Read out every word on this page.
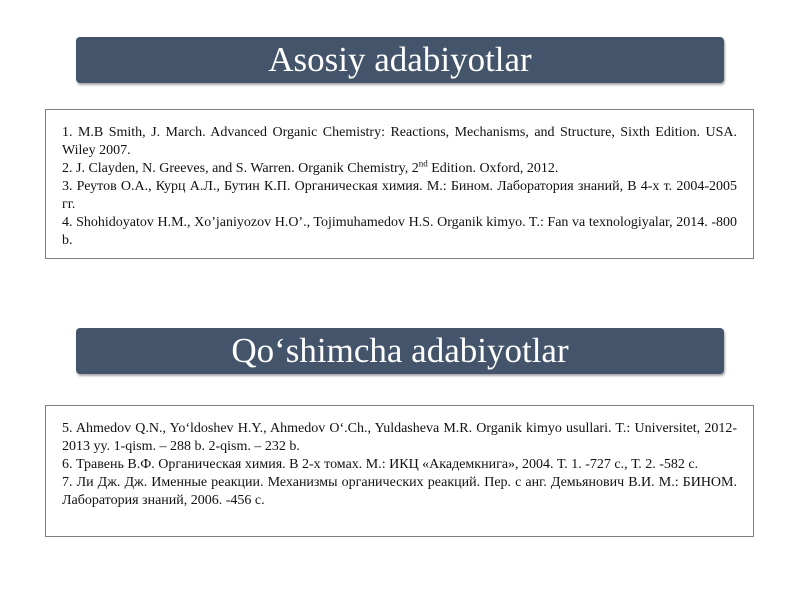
Asosiy adabiyotlar

1. M.B Smith, J. March. Advanced Organic Chemistry: Reactions, Mechanisms, and Structure, Sixth Edition. USA. Wiley 2007.

2. J. Clayden, N. Greeves, and S. Warren. Organik Chemistry, 2nd Edition. Oxford, 2012.

3. Реутов О.А., Курц А.Л., Бутин К.П. Органическая химия. М.: Бином. Лаборатория знаний, В 4-х т. 2004-2005 гг.

4. Shohidoyatov H.M., Xo’janiyozov H.O’., Tojimuhamedov H.S. Organik kimyo. T.: Fan va texnologiyalar, 2014. -800 b.

Qo‘shimcha adabiyotlar

5. Ahmedov Q.N., Yo‘ldoshev H.Y., Ahmedov O‘.Ch., Yuldasheva M.R. Organik kimyo usullari. T.: Universitet, 2012-2013 yy. 1-qism. – 288 b. 2-qism. – 232 b.

6. Травень В.Ф. Органическая химия. В 2-х томах. М.: ИКЦ «Академкнига», 2004. Т. 1. -727 с., Т. 2. -582 с.

7. Ли Дж. Дж. Именные реакции. Механизмы органических реакций. Пер. с анг. Демьянович В.И. М.: БИНОМ. Лаборатория знаний, 2006. -456 с.
